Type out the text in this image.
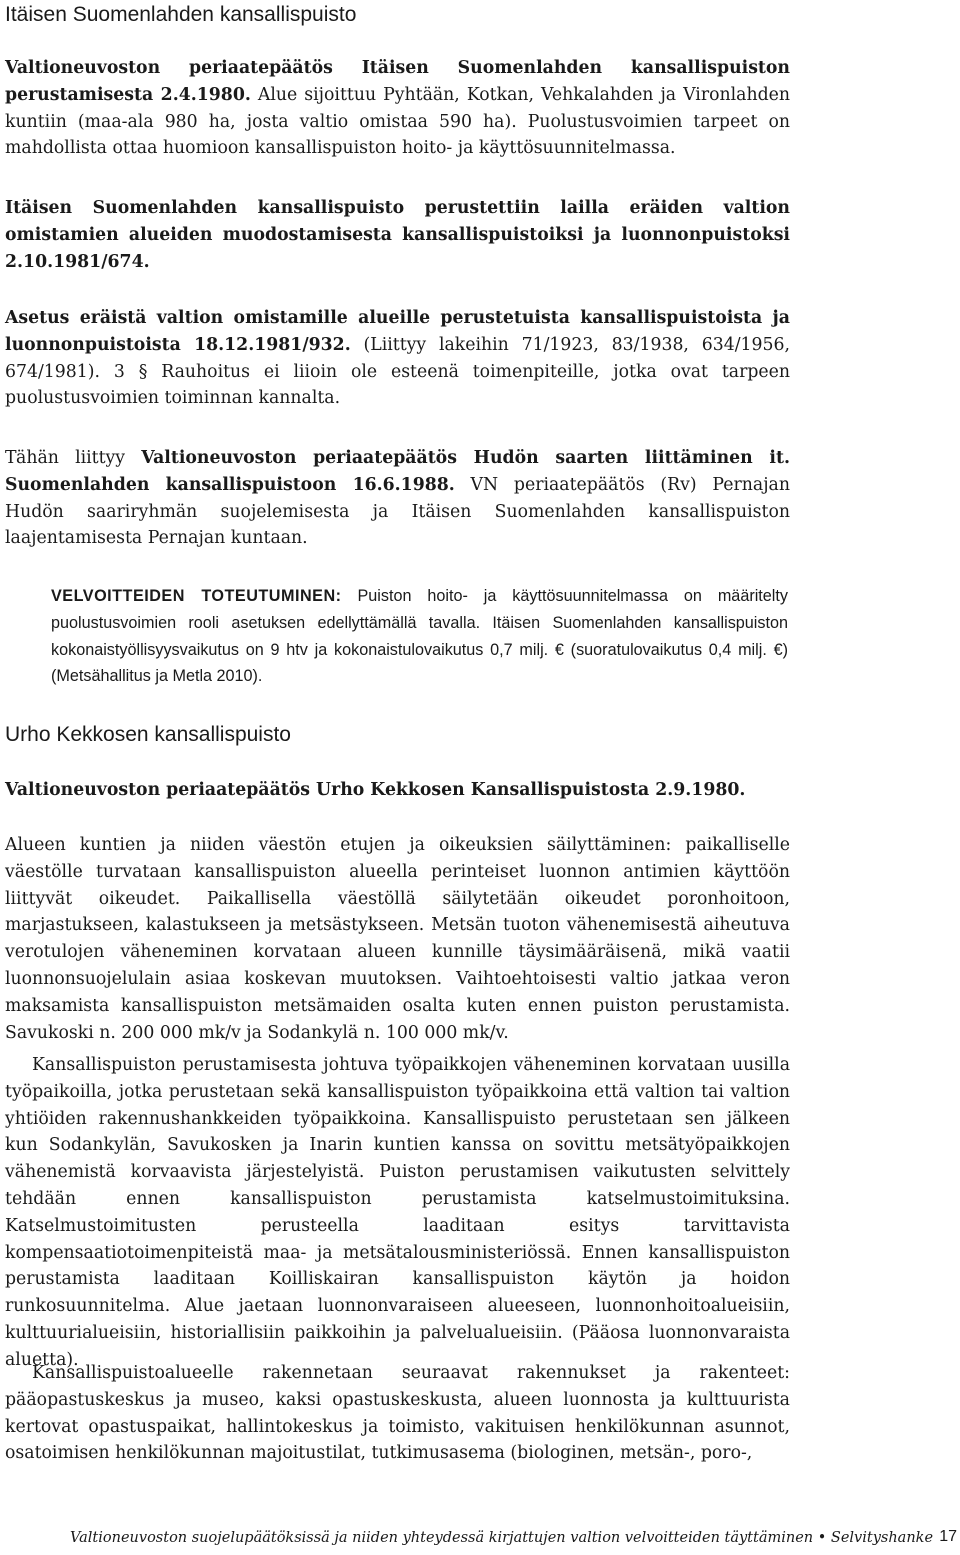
Itäisen Suomenlahden kansallispuisto

Valtioneuvoston periaatepäätös Itäisen Suomenlahden kansallispuiston perustamisesta 2.4.1980. Alue sijoittuu Pyhtään, Kotkan, Vehkalahden ja Vironlahden kuntiin (maa-ala 980 ha, josta valtio omistaa 590 ha). Puolustusvoimien tarpeet on mahdollista ottaa huomioon kansallispuiston hoito- ja käyttösuunnitelmassa.

Itäisen Suomenlahden kansallispuisto perustettiin lailla eräiden valtion omistamien alueiden muodostamisesta kansallispuistoiksi ja luonnonpuistoksi 2.10.1981/674.

Asetus eräistä valtion omistamille alueille perustetuista kansallispuistoista ja luonnonpuistoista 18.12.1981/932. (Liittyy lakeihin 71/1923, 83/1938, 634/1956, 674/1981). 3 § Rauhoitus ei liioin ole esteenä toimenpiteille, jotka ovat tarpeen puolustusvoimien toiminnan kannalta.

Tähän liittyy Valtioneuvoston periaatepäätös Hudön saarten liittäminen it. Suomenlahden kansallispuistoon 16.6.1988. VN periaatepäätös (Rv) Pernajan Hudön saariryhmän suojelemisesta ja Itäisen Suomenlahden kansallispuiston laajentamisesta Pernajan kuntaan.

VELVOITTEIDEN TOTEUTUMINEN: Puiston hoito- ja käyttösuunnitelmassa on määritelty puolustusvoimien rooli asetuksen edellyttämällä tavalla. Itäisen Suomenlahden kansallispuiston kokonaistyöllisyysvaikutus on 9 htv ja kokonaistulovaikutus 0,7 milj. € (suoratulovaikutus 0,4 milj. €) (Metsähallitus ja Metla 2010).

Urho Kekkosen kansallispuisto

Valtioneuvoston periaatepäätös Urho Kekkosen Kansallispuistosta 2.9.1980.

Alueen kuntien ja niiden väestön etujen ja oikeuksien säilyttäminen: paikalliselle väestölle turvataan kansallispuiston alueella perinteiset luonnon antimien käyttöön liittyvät oikeudet. Paikallisella väestöllä säilytetään oikeudet poronhoitoon, marjastukseen, kalastukseen ja metsästykseen. Metsän tuoton vähenemisestä aiheutuva verotulojen väheneminen korvataan alueen kunnille täysimääräisenä, mikä vaatii luonnonsuojelulain asiaa koskevan muutoksen. Vaihtoehtoisesti valtio jatkaa veron maksamista kansallispuiston metsämaiden osalta kuten ennen puiston perustamista. Savukoski n. 200 000 mk/v ja Sodankylä n. 100 000 mk/v.

Kansallispuiston perustamisesta johtuva työpaikkojen väheneminen korvataan uusilla työpaikoilla, jotka perustetaan sekä kansallispuiston työpaikkoina että valtion tai valtion yhtiöiden rakennushankkeiden työpaikkoina. Kansallispuisto perustetaan sen jälkeen kun Sodankylän, Savukosken ja Inarin kuntien kanssa on sovittu metsätyöpaikkojen vähenemistä korvaavista järjestelyistä. Puiston perustamisen vaikutusten selvittely tehdään ennen kansallispuiston perustamista katselmustoimituksina. Katselmustoimitusten perusteella laaditaan esitys tarvittavista kompensaatiotoimenpiteistä maa- ja metsätalousministeriössä. Ennen kansallispuiston perustamista laaditaan Koilliskairan kansallispuiston käytön ja hoidon runkosuunnitelma. Alue jaetaan luonnonvaraiseen alueeseen, luonnonhoitoalueisiin, kulttuurialueisiin, historiallisiin paikkoihin ja palvelualueisiin. (Pääosa luonnonvaraista aluetta).

Kansallispuistoalueelle rakennetaan seuraavat rakennukset ja rakenteet: pääopastuskeskus ja museo, kaksi opastuskeskusta, alueen luonnosta ja kulttuurista kertovat opastuspaikat, hallintokeskus ja toimisto, vakituisen henkilökunnan asunnot, osatoimisen henkilökunnan majoitustilat, tutkimusasema (biologinen, metsän-, poro-,

Valtioneuvoston suojelupäätöksissä ja niiden yhteydessä kirjattujen valtion velvoitteiden täyttäminen • Selvityshanke 17
